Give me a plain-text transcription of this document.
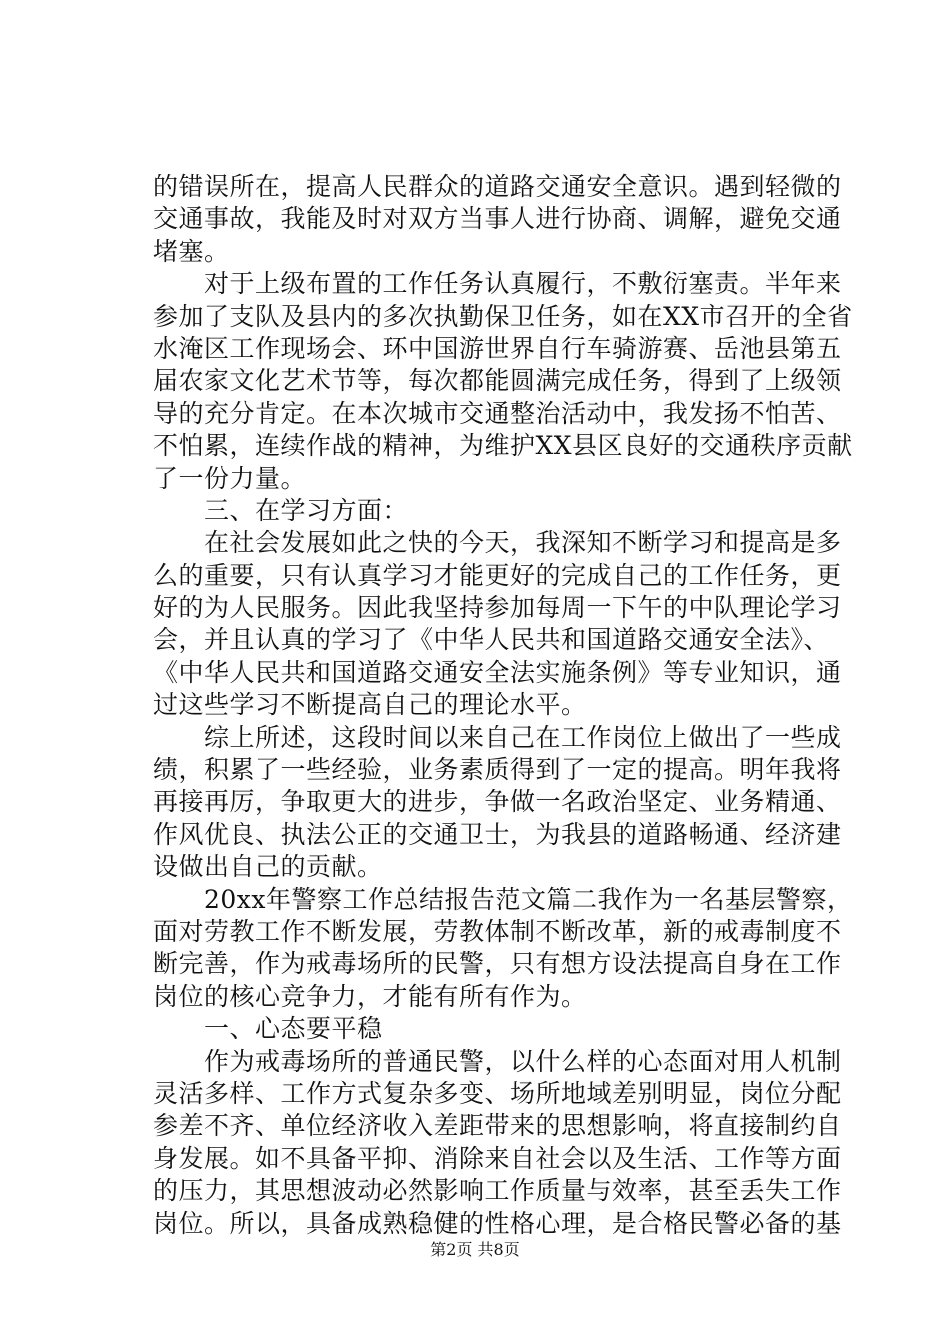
的错误所在，提高人民群众的道路交通安全意识。遇到轻微的
交通事故，我能及时对双方当事人进行协商、调解，避免交通
堵塞。
　　对于上级布置的工作任务认真履行，不敷衍塞责。半年来
参加了支队及县内的多次执勤保卫任务，如在XX市召开的全省
水淹区工作现场会、环中国游世界自行车骑游赛、岳池县第五
届农家文化艺术节等，每次都能圆满完成任务，得到了上级领
导的充分肯定。在本次城市交通整治活动中，我发扬不怕苦、
不怕累，连续作战的精神，为维护XX县区良好的交通秩序贡献
了一份力量。
　　三、在学习方面：
　　在社会发展如此之快的今天，我深知不断学习和提高是多
么的重要，只有认真学习才能更好的完成自己的工作任务，更
好的为人民服务。因此我坚持参加每周一下午的中队理论学习
会，并且认真的学习了《中华人民共和国道路交通安全法》、
《中华人民共和国道路交通安全法实施条例》等专业知识，通
过这些学习不断提高自己的理论水平。
　　综上所述，这段时间以来自己在工作岗位上做出了一些成
绩，积累了一些经验，业务素质得到了一定的提高。明年我将
再接再厉，争取更大的进步，争做一名政治坚定、业务精通、
作风优良、执法公正的交通卫士，为我县的道路畅通、经济建
设做出自己的贡献。
　　20xx年警察工作总结报告范文篇二我作为一名基层警察，
面对劳教工作不断发展，劳教体制不断改革，新的戒毒制度不
断完善，作为戒毒场所的民警，只有想方设法提高自身在工作
岗位的核心竞争力，才能有所有作为。
　　一、心态要平稳
　　作为戒毒场所的普通民警，以什么样的心态面对用人机制
灵活多样、工作方式复杂多变、场所地域差别明显，岗位分配
参差不齐、单位经济收入差距带来的思想影响，将直接制约自
身发展。如不具备平抑、消除来自社会以及生活、工作等方面
的压力，其思想波动必然影响工作质量与效率，甚至丢失工作
岗位。所以，具备成熟稳健的性格心理，是合格民警必备的基
第2页 共8页
